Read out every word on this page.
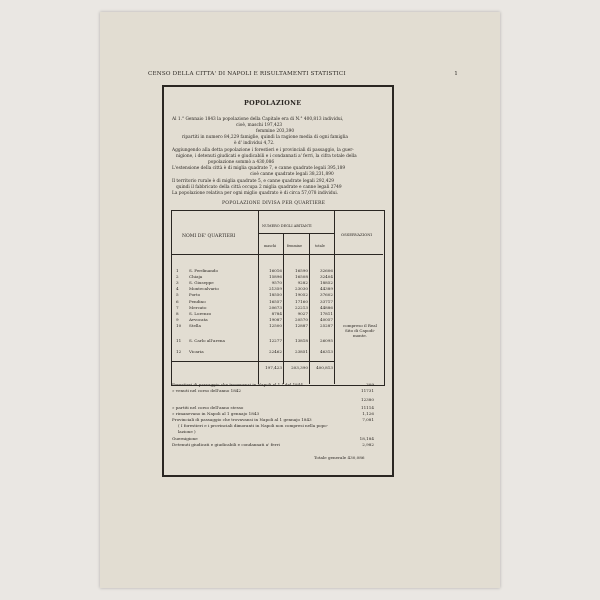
CENSO DELLA CITTA' DI NAPOLI E RISULTAMENTI STATISTICI	1
POPOLAZIONE
Al 1.° Gennaio 1843 la popolazione della Capitale era di N.° 400,813 individui,
cioè, maschi 197,423
femmine 203,390
ripartiti in numero 84,229 famiglie, quindi la ragione media di ogni famiglia
è d' individui 4,72.
Aggiungendo alla detta popolazione i forestieri e i provinciali di passaggio, la guer-
nigione, i detenuti giudicati e giudicabili e i condannati a' ferri, la cifra totale della
popolazione sommò a 430,086
L'estensione della città è di miglia quadrate 7, e canne quadrate legali 395,189
cioè canne quadrate legali 38,231,890
Il territorio rurale è di miglia quadrate 5, e canne quadrate legali 292,429
quindi il fabbricato della città occupa 2 miglia quadrate e canne legali 2749
La popolazione relativa per ogni miglio quadrato è di circa 57,078 individui.
POPOLAZIONE DIVISA PER QUARTIERE
NOMI DE' QUARTIERI
NUMERO DEGLI ABITANTI
maschi	femmine	totale
OSSERVAZIONI
1	S. Ferdinando	16016	16590	32606
2	Chiaja	15896	16508	32404
3	S. Giuseppe	9570	9282	18852
4	Montecalvario	21359	23030	44389
5	Porto	18550	19052	37602
6	Pendino	16557	17160	33717
7	Mercato	20673	22213	44886
8	S. Lorenzo	8784	9027	17811
9	Avvocata	19087	20570	40057
10 Stella	12500	12887	25287
11 S. Carlo all'arena	12277	13818	26095
12 Vicaria	22462	23851	46313
compreso il Real Sito di Capodi-monte.
197,423	203,390	400,813
Forestieri di passaggio che trovavansi in Napoli al 1.° del 1844	309
» venuti nel corso dell'anno 1842	11731
12380
» partiti nel corso dell'anno stesso	11114
» rimanevano in Napoli al 1 gennajo 1843	1,126
Provinciali di passaggio che trovavansi in Napoli al 1 gennajo 1843	7,081
( I forestieri e i provinciali dimoranti in Napoli non compresi nella popo-
lazione )
Guernigione	18,184
Detenuti giudicati e giudicabili e condannati a' ferri	2,982
Totale generale 430,086
